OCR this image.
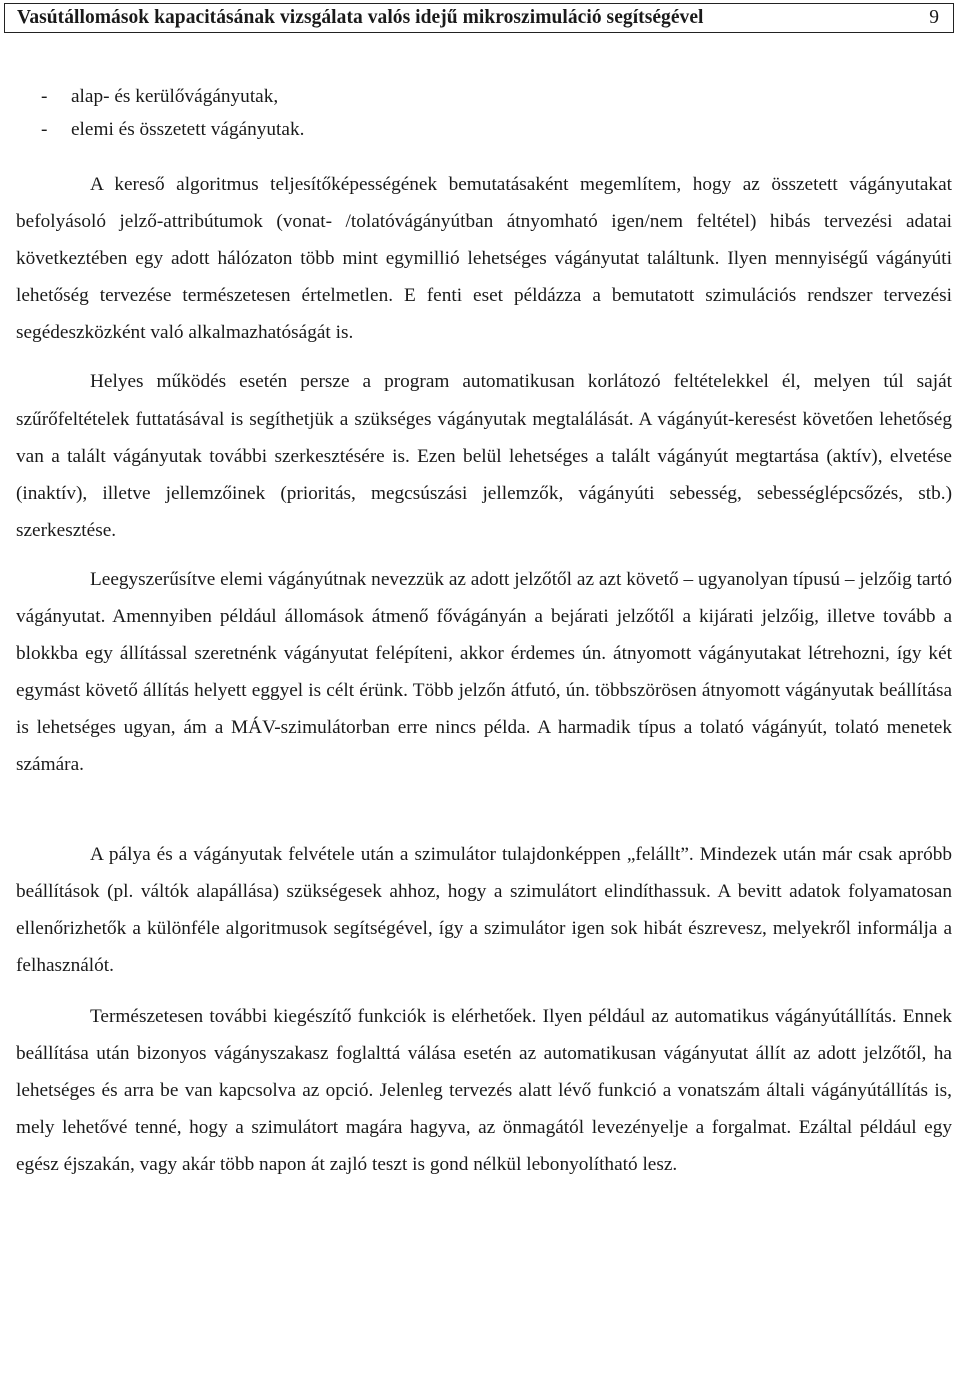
Vasútállomások kapacitásának vizsgálata valós idejű mikroszimuláció segítségével	9
-	alap- és kerülővágányutak,
-	elemi és összetett vágányutak.

A kereső algoritmus teljesítőképességének bemutatásaként megemlítem, hogy az összetett vágányutakat befolyásoló jelző-attribútumok (vonat- /tolatóvágányútban átnyomható igen/nem feltétel) hibás tervezési adatai következtében egy adott hálózaton több mint egymillió lehetséges vágányutat találtunk. Ilyen mennyiségű vágányúti lehetőség tervezése természetesen értelmetlen. E fenti eset példázza a bemutatott szimulációs rendszer tervezési segédeszközként való alkalmazhatóságát is.

Helyes működés esetén persze a program automatikusan korlátozó feltételekkel él, melyen túl saját szűrőfeltételek futtatásával is segíthetjük a szükséges vágányutak megtalálását. A vágányút-keresést követően lehetőség van a talált vágányutak további szerkesztésére is. Ezen belül lehetséges a talált vágányút megtartása (aktív), elvetése (inaktív), illetve jellemzőinek (prioritás, megcsúszási jellemzők, vágányúti sebesség, sebességlépcsőzés, stb.) szerkesztése.

Leegyszerűsítve elemi vágányútnak nevezzük az adott jelzőtől az azt követő – ugyanolyan típusú – jelzőig tartó vágányutat. Amennyiben például állomások átmenő fővágányán a bejárati jelzőtől a kijárati jelzőig, illetve tovább a blokkba egy állítással szeretnénk vágányutat felépíteni, akkor érdemes ún. átnyomott vágányutakat létrehozni, így két egymást követő állítás helyett eggyel is célt érünk. Több jelzőn átfutó, ún. többszörösen átnyomott vágányutak beállítása is lehetséges ugyan, ám a MÁV-szimulátorban erre nincs példa. A harmadik típus a tolató vágányút, tolató menetek számára.

A pálya és a vágányutak felvétele után a szimulátor tulajdonképpen „felállt”. Mindezek után már csak apróbb beállítások (pl. váltók alapállása) szükségesek ahhoz, hogy a szimulátort elindíthassuk. A bevitt adatok folyamatosan ellenőrizhetők a különféle algoritmusok segítségével, így a szimulátor igen sok hibát észrevesz, melyekről informálja a felhasználót.

Természetesen további kiegészítő funkciók is elérhetőek. Ilyen például az automatikus vágányútállítás. Ennek beállítása után bizonyos vágányszakasz foglalttá válása esetén az automatikusan vágányutat állít az adott jelzőtől, ha lehetséges és arra be van kapcsolva az opció. Jelenleg tervezés alatt lévő funkció a vonatszám általi vágányútállítás is, mely lehetővé tenné, hogy a szimulátort magára hagyva, az önmagától levezényelje a forgalmat. Ezáltal például egy egész éjszakán, vagy akár több napon át zajló teszt is gond nélkül lebonyolítható lesz.
